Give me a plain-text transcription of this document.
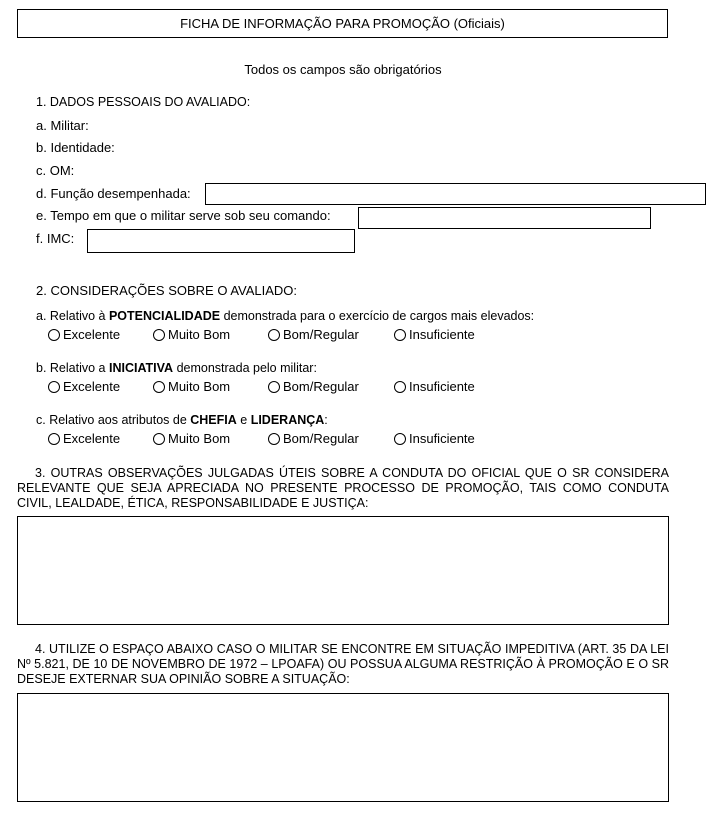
FICHA DE INFORMAÇÃO PARA PROMOÇÃO (Oficiais)
Todos os campos são obrigatórios
1. DADOS PESSOAIS DO AVALIADO:
a. Militar:
b. Identidade:
c. OM:
d. Função desempenhada:
e. Tempo em que o militar serve sob seu comando:
f. IMC:
2. CONSIDERAÇÕES SOBRE O AVALIADO:
a. Relativo à POTENCIALIDADE demonstrada para o exercício de cargos mais elevados:
Excelente	Muito Bom	Bom/Regular	Insuficiente
b. Relativo a INICIATIVA demonstrada pelo militar:
Excelente	Muito Bom	Bom/Regular	Insuficiente
c. Relativo aos atributos de CHEFIA e LIDERANÇA:
Excelente	Muito Bom	Bom/Regular	Insuficiente
3. OUTRAS OBSERVAÇÕES JULGADAS ÚTEIS SOBRE A CONDUTA DO OFICIAL QUE O SR CONSIDERA RELEVANTE QUE SEJA APRECIADA NO PRESENTE PROCESSO DE PROMOÇÃO, TAIS COMO CONDUTA CIVIL, LEALDADE, ÉTICA, RESPONSABILIDADE E JUSTIÇA:
4. UTILIZE O ESPAÇO ABAIXO CASO O MILITAR SE ENCONTRE EM SITUAÇÃO IMPEDITIVA (ART. 35 DA LEI Nº 5.821, DE 10 DE NOVEMBRO DE 1972 – LPOAFA) OU POSSUA ALGUMA RESTRIÇÃO À PROMOÇÃO E O SR DESEJE EXTERNAR SUA OPINIÃO SOBRE A SITUAÇÃO:
